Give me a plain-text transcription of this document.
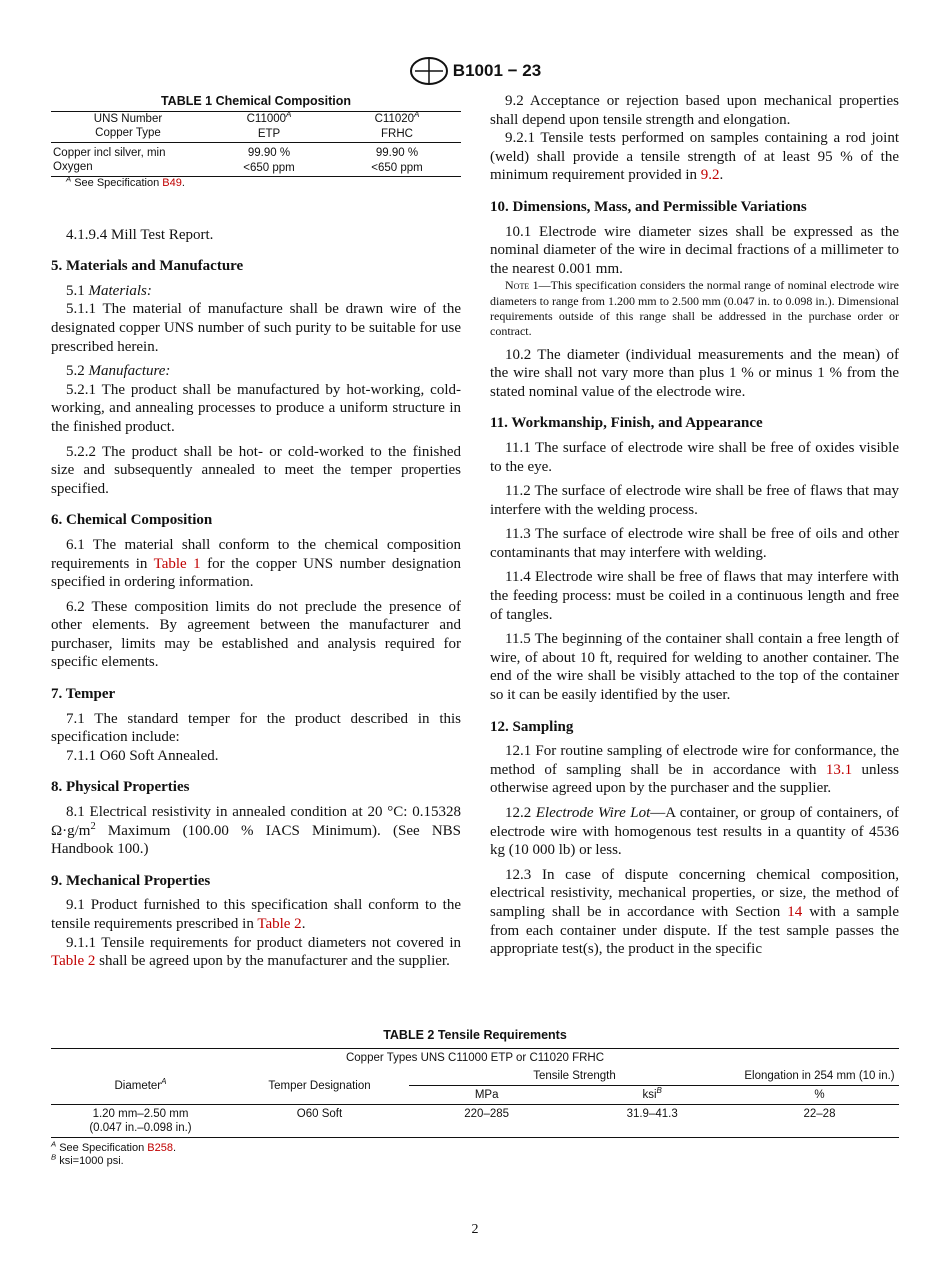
B1001 − 23

TABLE 1 Chemical Composition

UNS Number	$C11000^A$	$C11020^A$
Copper Type	ETP	FRHC
Copper incl silver, min	99.90 %	99.90 %
Oxygen	<650 ppm	<650 ppm

$^A$ See Specification B49.

4.1.9.4 Mill Test Report.

5. Materials and Manufacture

5.1 Materials:

5.1.1 The material of manufacture shall be drawn wire of the designated copper UNS number of such purity to be suitable for use prescribed herein.

5.2 Manufacture:

5.2.1 The product shall be manufactured by hot-working, cold-working, and annealing processes to produce a uniform structure in the finished product.

5.2.2 The product shall be hot- or cold-worked to the finished size and subsequently annealed to meet the temper properties specified.

6. Chemical Composition

6.1 The material shall conform to the chemical composition requirements in Table 1 for the copper UNS number designation specified in ordering information.

6.2 These composition limits do not preclude the presence of other elements. By agreement between the manufacturer and purchaser, limits may be established and analysis required for specific elements.

7. Temper

7.1 The standard temper for the product described in this specification include:

7.1.1 O60 Soft Annealed.

8. Physical Properties

8.1 Electrical resistivity in annealed condition at 20 °C: 0.15328 $\Omega\cdot g/m^2$ Maximum (100.00 % IACS Minimum). (See NBS Handbook 100.)

9. Mechanical Properties

9.1 Product furnished to this specification shall conform to the tensile requirements prescribed in Table 2.

9.1.1 Tensile requirements for product diameters not covered in Table 2 shall be agreed upon by the manufacturer and the supplier.

9.2 Acceptance or rejection based upon mechanical properties shall depend upon tensile strength and elongation.

9.2.1 Tensile tests performed on samples containing a rod joint (weld) shall provide a tensile strength of at least 95 % of the minimum requirement provided in 9.2.

10. Dimensions, Mass, and Permissible Variations

10.1 Electrode wire diameter sizes shall be expressed as the nominal diameter of the wire in decimal fractions of a millimeter to the nearest 0.001 mm.

Note 1—This specification considers the normal range of nominal electrode wire diameters to range from 1.200 mm to 2.500 mm (0.047 in. to 0.098 in.). Dimensional requirements outside of this range shall be addressed in the purchase order or contract.

10.2 The diameter (individual measurements and the mean) of the wire shall not vary more than plus 1 % or minus 1 % from the stated nominal value of the electrode wire.

11. Workmanship, Finish, and Appearance

11.1 The surface of electrode wire shall be free of oxides visible to the eye.

11.2 The surface of electrode wire shall be free of flaws that may interfere with the welding process.

11.3 The surface of electrode wire shall be free of oils and other contaminants that may interfere with welding.

11.4 Electrode wire shall be free of flaws that may interfere with the feeding process: must be coiled in a continuous length and free of tangles.

11.5 The beginning of the container shall contain a free length of wire, of about 10 ft, required for welding to another container. The end of the wire shall be visibly attached to the top of the container so it can be easily identified by the user.

12. Sampling

12.1 For routine sampling of electrode wire for conformance, the method of sampling shall be in accordance with 13.1 unless otherwise agreed upon by the purchaser and the supplier.

12.2 Electrode Wire Lot—A container, or group of containers, of electrode wire with homogenous test results in a quantity of 4536 kg (10 000 lb) or less.

12.3 In case of dispute concerning chemical composition, electrical resistivity, mechanical properties, or size, the method of sampling shall be in accordance with Section 14 with a sample from each container under dispute. If the test sample passes the appropriate test(s), the product in the specific

TABLE 2 Tensile Requirements

Copper Types UNS C11000 ETP or C11020 FRHC				
Diameter$^A$	Temper Designation	Tensile Strength		Elongation in 254 mm (10 in.)
		MPa	ksi$^B$	%
1.20 mm–2.50 mm
(0.047 in.–0.098 in.)	O60 Soft	220–285	31.9–41.3	22–28

$^A$ See Specification B258.

$^B$ ksi=1000 psi.

2
